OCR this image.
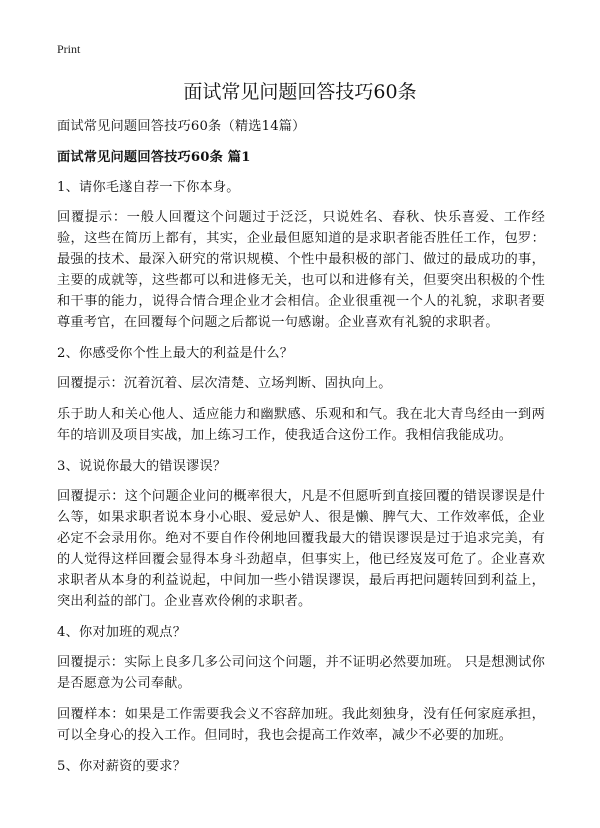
Print
面试常见问题回答技巧60条

面试常见问题回答技巧60条（精选14篇）

面试常见问题回答技巧60条 篇1

1、请你毛遂自荐一下你本身。

回覆提示：一般人回覆这个问题过于泛泛，只说姓名、春秋、快乐喜爱、工作经验，这些在简历上都有，其实，企业最但愿知道的是求职者能否胜任工作，包罗：最强的技术、最深入研究的常识规模、个性中最积极的部门、做过的最成功的事，主要的成就等，这些都可以和进修无关，也可以和进修有关，但要突出积极的个性和干事的能力，说得合情合理企业才会相信。企业很重视一个人的礼貌，求职者要尊重考官，在回覆每个问题之后都说一句感谢。企业喜欢有礼貌的求职者。

2、你感受你个性上最大的利益是什么？

回覆提示：沉着沉着、层次清楚、立场判断、固执向上。

乐于助人和关心他人、适应能力和幽默感、乐观和和气。我在北大青鸟经由一到两年的培训及项目实战，加上练习工作，使我适合这份工作。我相信我能成功。

3、说说你最大的错误谬误？

回覆提示：这个问题企业问的概率很大，凡是不但愿听到直接回覆的错误谬误是什么等，如果求职者说本身小心眼、爱忌妒人、很是懒、脾气大、工作效率低，企业必定不会录用你。绝对不要自作伶俐地回覆我最大的错误谬误是过于追求完美，有的人觉得这样回覆会显得本身斗劲超卓，但事实上，他已经岌岌可危了。企业喜欢求职者从本身的利益说起，中间加一些小错误谬误，最后再把问题转回到利益上，突出利益的部门。企业喜欢伶俐的求职者。

4、你对加班的观点？

回覆提示：实际上良多几多公司问这个问题，并不证明必然要加班。 只是想测试你是否愿意为公司奉献。

回覆样本：如果是工作需要我会义不容辞加班。我此刻独身，没有任何家庭承担，可以全身心的投入工作。但同时，我也会提高工作效率，减少不必要的加班。

5、你对薪资的要求？
